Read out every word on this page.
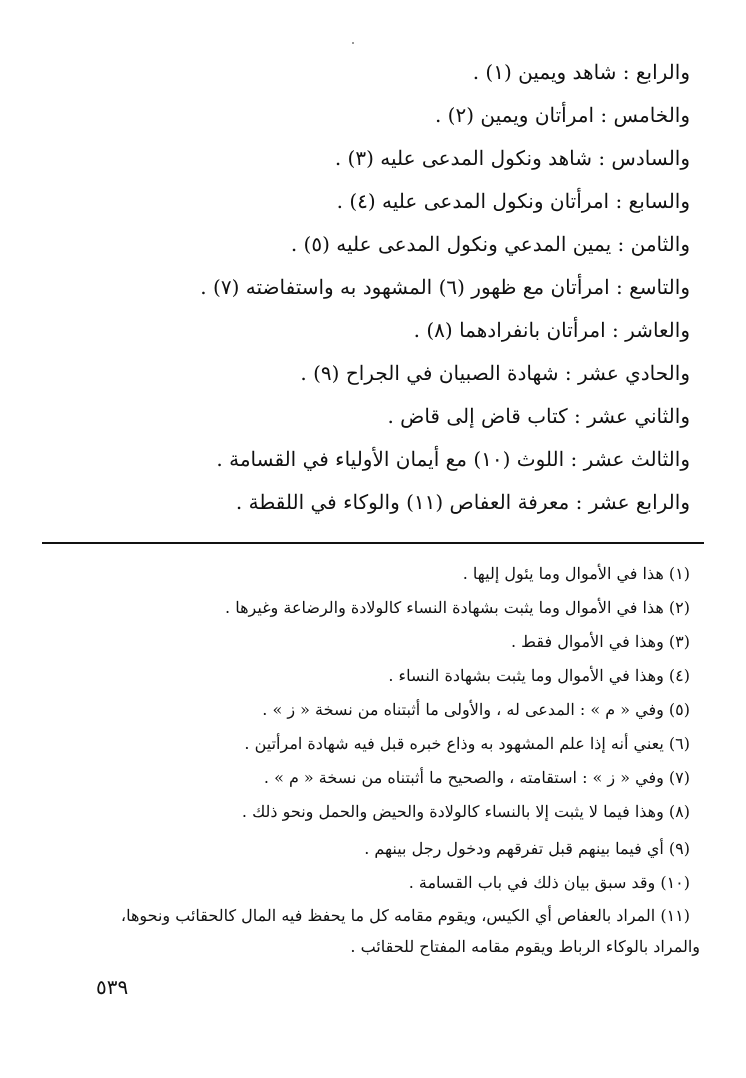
والرابع : شاهد ويمين (١) .
والخامس : امرأتان ويمين (٢) .
والسادس : شاهد ونكول المدعى عليه (٣) .
والسابع : امرأتان ونكول المدعى عليه (٤) .
والثامن : يمين المدعي ونكول المدعى عليه (٥) .
والتاسع : امرأتان مع ظهور (٦) المشهود به واستفاضته (٧) .
والعاشر : امرأتان بانفرادهما (٨) .
والحادي عشر : شهادة الصبيان في الجراح (٩) .
والثاني عشر : كتاب قاض إلى قاض .
والثالث عشر : اللوث (١٠) مع أيمان الأولياء في القسامة .
والرابع عشر : معرفة العفاص (١١) والوكاء في اللقطة .
(١) هذا في الأموال وما يئول إليها .
(٢) هذا في الأموال وما يثبت بشهادة النساء كالولادة والرضاعة وغيرها .
(٣) وهذا في الأموال فقط .
(٤) وهذا في الأموال وما يثبت بشهادة النساء .
(٥) وفي « م » : المدعى له ، والأولى ما أثبتناه من نسخة « ز » .
(٦) يعني أنه إذا علم المشهود به وذاع خبره قبل فيه شهادة امرأتين .
(٧) وفي « ز » : استقامته ، والصحيح ما أثبتناه من نسخة « م » .
(٨) وهذا فيما لا يثبت إلا بالنساء كالولادة والحيض والحمل ونحو ذلك .
(٩) أي فيما بينهم قبل تفرقهم ودخول رجل بينهم .
(١٠) وقد سبق بيان ذلك في باب القسامة .
(١١) المراد بالعفاص أي الكيس، ويقوم مقامه كل ما يحفظ فيه المال كالحقائب ونحوها،
والمراد بالوكاء الرباط ويقوم مقامه المفتاح للحقائب .
٥٣٩
